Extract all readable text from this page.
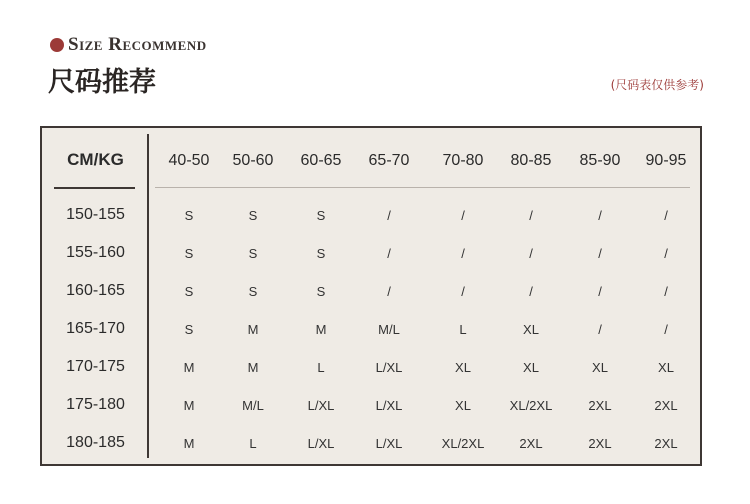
Size Recommend
尺码推荐	(尺码表仅供参考)
CM/KG	40-50	50-60	60-65	65-70	70-80	80-85	85-90	90-95
150-155	S	S	S	/	/	/	/	/
155-160	S	S	S	/	/	/	/	/
160-165	S	S	S	/	/	/	/	/
165-170	S	M	M	M/L	L	XL	/	/
170-175	M	M	L	L/XL	XL	XL	XL	XL
175-180	M	M/L	L/XL	L/XL	XL	XL/2XL	2XL	2XL
180-185	M	L	L/XL	L/XL	XL/2XL	2XL	2XL	2XL
